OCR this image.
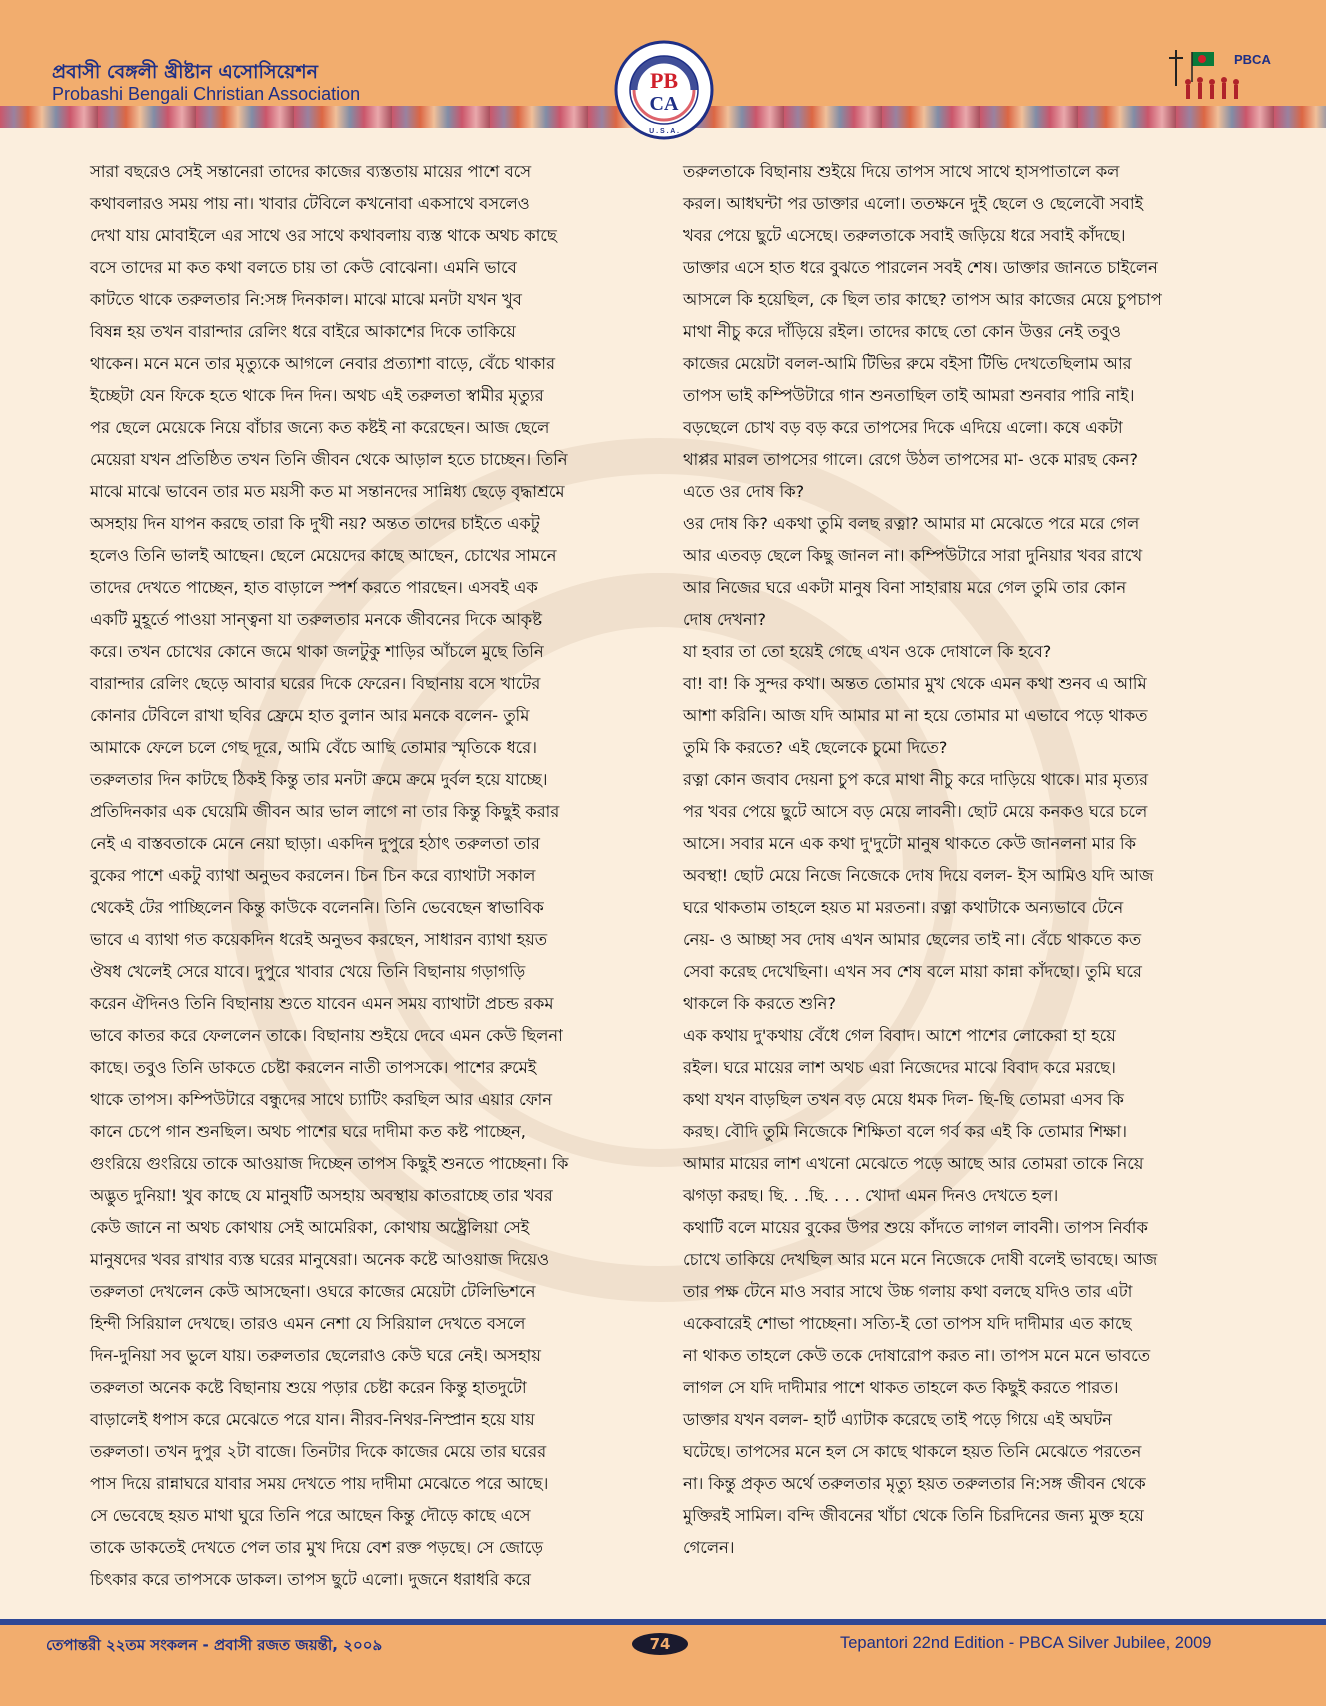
প্রবাসী বেঙ্গলী খ্রীষ্টান এসোসিয়েশন
Probashi Bengali Christian Association
PB
CA
U . S . A .
PBCA
সারা বছরেও সেই সন্তানেরা তাদের কাজের ব্যস্ততায় মায়ের পাশে বসে
কথাবলারও সময় পায় না। খাবার টেবিলে কখনোবা একসাথে বসলেও
দেখা যায় মোবাইলে এর সাথে ওর সাথে কথাবলায় ব্যস্ত থাকে অথচ কাছে
বসে তাদের মা কত কথা বলতে চায় তা কেউ বোঝেনা। এমনি ভাবে
কাটতে থাকে তরুলতার নি:সঙ্গ দিনকাল। মাঝে মাঝে মনটা যখন খুব
বিষন্ন হয় তখন বারান্দার রেলিং ধরে বাইরে আকাশের দিকে তাকিয়ে
থাকেন। মনে মনে তার মৃত্যুকে আগলে নেবার প্রত্যাশা বাড়ে, বেঁচে থাকার
ইচ্ছেটা যেন ফিকে হতে থাকে দিন দিন। অথচ এই তরুলতা স্বামীর মৃত্যুর
পর ছেলে মেয়েকে নিয়ে বাঁচার জন্যে কত কষ্টই না করেছেন। আজ ছেলে
মেয়েরা যখন প্রতিষ্ঠিত তখন তিনি জীবন থেকে আড়াল হতে চাচ্ছেন। তিনি
মাঝে মাঝে ভাবেন তার মত ময়সী কত মা সন্তানদের সান্নিধ্য ছেড়ে বৃদ্ধাশ্রমে
অসহায় দিন যাপন করছে তারা কি দুখী নয়? অন্তত তাদের চাইতে একটু
হলেও তিনি ভালই আছেন। ছেলে মেয়েদের কাছে আছেন, চোখের সামনে
তাদের দেখতে পাচ্ছেন, হাত বাড়ালে স্পর্শ করতে পারছেন। এসবই এক
একটি মুহূর্তে পাওয়া সান্ত্বনা যা তরুলতার মনকে জীবনের দিকে আকৃষ্ট
করে। তখন চোখের কোনে জমে থাকা জলটুকু শাড়ির আঁচলে মুছে তিনি
বারান্দার রেলিং ছেড়ে আবার ঘরের দিকে ফেরেন। বিছানায় বসে খাটের
কোনার টেবিলে রাখা ছবির ফ্রেমে হাত বুলান আর মনকে বলেন- তুমি
আমাকে ফেলে চলে গেছ দূরে, আমি বেঁচে আছি তোমার স্মৃতিকে ধরে।
তরুলতার দিন কাটছে ঠিকই কিন্তু তার মনটা ক্রমে ক্রমে দুর্বল হয়ে যাচ্ছে।
প্রতিদিনকার এক ঘেয়েমি জীবন আর ভাল লাগে না তার কিন্তু কিছুই করার
নেই এ বাস্তবতাকে মেনে নেয়া ছাড়া। একদিন দুপুরে হঠাৎ তরুলতা তার
বুকের পাশে একটু ব্যাথা অনুভব করলেন। চিন চিন করে ব্যাথাটা সকাল
থেকেই টের পাচ্ছিলেন কিন্তু কাউকে বলেননি। তিনি ভেবেছেন স্বাভাবিক
ভাবে এ ব্যাথা গত কয়েকদিন ধরেই অনুভব করছেন, সাধারন ব্যাথা হয়ত
ঔষধ খেলেই সেরে যাবে। দুপুরে খাবার খেয়ে তিনি বিছানায় গড়াগড়ি
করেন ঐদিনও তিনি বিছানায় শুতে যাবেন এমন সময় ব্যাথাটা প্রচন্ড রকম
ভাবে কাতর করে ফেললেন তাকে। বিছানায় শুইয়ে দেবে এমন কেউ ছিলনা
কাছে। তবুও তিনি ডাকতে চেষ্টা করলেন নাতী তাপসকে। পাশের রুমেই
থাকে তাপস। কম্পিউটারে বন্ধুদের সাথে চ্যাটিং করছিল আর এয়ার ফোন
কানে চেপে গান শুনছিল। অথচ পাশের ঘরে দাদীমা কত কষ্ট পাচ্ছেন,
গুংরিয়ে গুংরিয়ে তাকে আওয়াজ দিচ্ছেন তাপস কিছুই শুনতে পাচ্ছেনা। কি
অদ্ভুত দুনিয়া! খুব কাছে যে মানুষটি অসহায় অবস্থায় কাতরাচ্ছে তার খবর
কেউ জানে না অথচ কোথায় সেই আমেরিকা, কোথায় অষ্ট্রেলিয়া সেই
মানুষদের খবর রাখার ব্যস্ত ঘরের মানুষেরা। অনেক কষ্টে আওয়াজ দিয়েও
তরুলতা দেখলেন কেউ আসছেনা। ওঘরে কাজের মেয়েটা টেলিভিশনে
হিন্দী সিরিয়াল দেখছে। তারও এমন নেশা যে সিরিয়াল দেখতে বসলে
দিন-দুনিয়া সব ভুলে যায়। তরুলতার ছেলেরাও কেউ ঘরে নেই। অসহায়
তরুলতা অনেক কষ্টে বিছানায় শুয়ে পড়ার চেষ্টা করেন কিন্তু হাতদুটো
বাড়ালেই ধপাস করে মেঝেতে পরে যান। নীরব-নিথর-নিস্প্রান হয়ে যায়
তরুলতা। তখন দুপুর ২টা বাজে। তিনটার দিকে কাজের মেয়ে তার ঘরের
পাস দিয়ে রান্নাঘরে যাবার সময় দেখতে পায় দাদীমা মেঝেতে পরে আছে।
সে ভেবেছে হয়ত মাথা ঘুরে তিনি পরে আছেন কিন্তু দৌড়ে কাছে এসে
তাকে ডাকতেই দেখতে পেল তার মুখ দিয়ে বেশ রক্ত পড়ছে। সে জোড়ে
চিৎকার করে তাপসকে ডাকল। তাপস ছুটে এলো। দুজনে ধরাধরি করে
তরুলতাকে বিছানায় শুইয়ে দিয়ে তাপস সাথে সাথে হাসপাতালে কল
করল। আধঘন্টা পর ডাক্তার এলো। ততক্ষনে দুই ছেলে ও ছেলেবৌ সবাই
খবর পেয়ে ছুটে এসেছে। তরুলতাকে সবাই জড়িয়ে ধরে সবাই কাঁদছে।
ডাক্তার এসে হাত ধরে বুঝতে পারলেন সবই শেষ। ডাক্তার জানতে চাইলেন
আসলে কি হয়েছিল, কে ছিল তার কাছে? তাপস আর কাজের মেয়ে চুপচাপ
মাথা নীচু করে দাঁড়িয়ে রইল। তাদের কাছে তো কোন উত্তর নেই তবুও
কাজের মেয়েটা বলল-আমি টিভির রুমে বইসা টিভি দেখতেছিলাম আর
তাপস ভাই কম্পিউটারে গান শুনতাছিল তাই আমরা শুনবার পারি নাই।
বড়ছেলে চোখ বড় বড় করে তাপসের দিকে এদিয়ে এলো। কষে একটা
থাপ্পর মারল তাপসের গালে। রেগে উঠল তাপসের মা- ওকে মারছ কেন?
এতে ওর দোষ কি?
ওর দোষ কি? একথা তুমি বলছ রত্না? আমার মা মেঝেতে পরে মরে গেল
আর এতবড় ছেলে কিছু জানল না। কম্পিউটারে সারা দুনিয়ার খবর রাখে
আর নিজের ঘরে একটা মানুষ বিনা সাহারায় মরে গেল তুমি তার কোন
দোষ দেখনা?
যা হবার তা তো হয়েই গেছে এখন ওকে দোষালে কি হবে?
বা! বা! কি সুন্দর কথা। অন্তত তোমার মুখ থেকে এমন কথা শুনব এ আমি
আশা করিনি। আজ যদি আমার মা না হয়ে তোমার মা এভাবে পড়ে থাকত
তুমি কি করতে? এই ছেলেকে চুমো দিতে?
রত্না কোন জবাব দেয়না চুপ করে মাথা নীচু করে দাড়িয়ে থাকে। মার মৃত্যর
পর খবর পেয়ে ছুটে আসে বড় মেয়ে লাবনী। ছোট মেয়ে কনকও ঘরে চলে
আসে। সবার মনে এক কথা দু'দুটো মানুষ থাকতে কেউ জানলনা মার কি
অবস্থা! ছোট মেয়ে নিজে নিজেকে দোষ দিয়ে বলল- ইস আমিও যদি আজ
ঘরে থাকতাম তাহলে হয়ত মা মরতনা। রত্না কথাটাকে অন্যভাবে টেনে
নেয়- ও আচ্ছা সব দোষ এখন আমার ছেলের তাই না। বেঁচে থাকতে কত
সেবা করেছ দেখেছিনা। এখন সব শেষ বলে মায়া কান্না কাঁদছো। তুমি ঘরে
থাকলে কি করতে শুনি?
এক কথায় দু'কথায় বেঁধে গেল বিবাদ। আশে পাশের লোকেরা হা হয়ে
রইল। ঘরে মায়ের লাশ অথচ এরা নিজেদের মাঝে বিবাদ করে মরছে।
কথা যখন বাড়ছিল তখন বড় মেয়ে ধমক দিল- ছি-ছি তোমরা এসব কি
করছ। বৌদি তুমি নিজেকে শিক্ষিতা বলে গর্ব কর এই কি তোমার শিক্ষা।
আমার মায়ের লাশ এখনো মেঝেতে পড়ে আছে আর তোমরা তাকে নিয়ে
ঝগড়া করছ। ছি. . .ছি. . . . খোদা এমন দিনও দেখতে হল।
কথাটি বলে মায়ের বুকের উপর শুয়ে কাঁদতে লাগল লাবনী। তাপস নির্বাক
চোখে তাকিয়ে দেখছিল আর মনে মনে নিজেকে দোষী বলেই ভাবছে। আজ
তার পক্ষ টেনে মাও সবার সাথে উচ্চ গলায় কথা বলছে যদিও তার এটা
একেবারেই শোভা পাচ্ছেনা। সত্যি-ই তো তাপস যদি দাদীমার এত কাছে
না থাকত তাহলে কেউ তকে দোষারোপ করত না। তাপস মনে মনে ভাবতে
লাগল সে যদি দাদীমার পাশে থাকত তাহলে কত কিছুই করতে পারত।
ডাক্তার যখন বলল- হার্ট এ্যাটাক করেছে তাই পড়ে গিয়ে এই অঘটন
ঘটেছে। তাপসের মনে হল সে কাছে থাকলে হয়ত তিনি মেঝেতে পরতেন
না। কিন্তু প্রকৃত অর্থে তরুলতার মৃত্যু হয়ত তরুলতার নি:সঙ্গ জীবন থেকে
মুক্তিরই সামিল। বন্দি জীবনের খাঁচা থেকে তিনি চিরদিনের জন্য মুক্ত হয়ে
গেলেন।
তেপান্তরী ২২তম সংকলন - প্রবাসী রজত জয়ন্তী, ২০০৯	74	Tepantori 22nd Edition - PBCA Silver Jubilee, 2009
